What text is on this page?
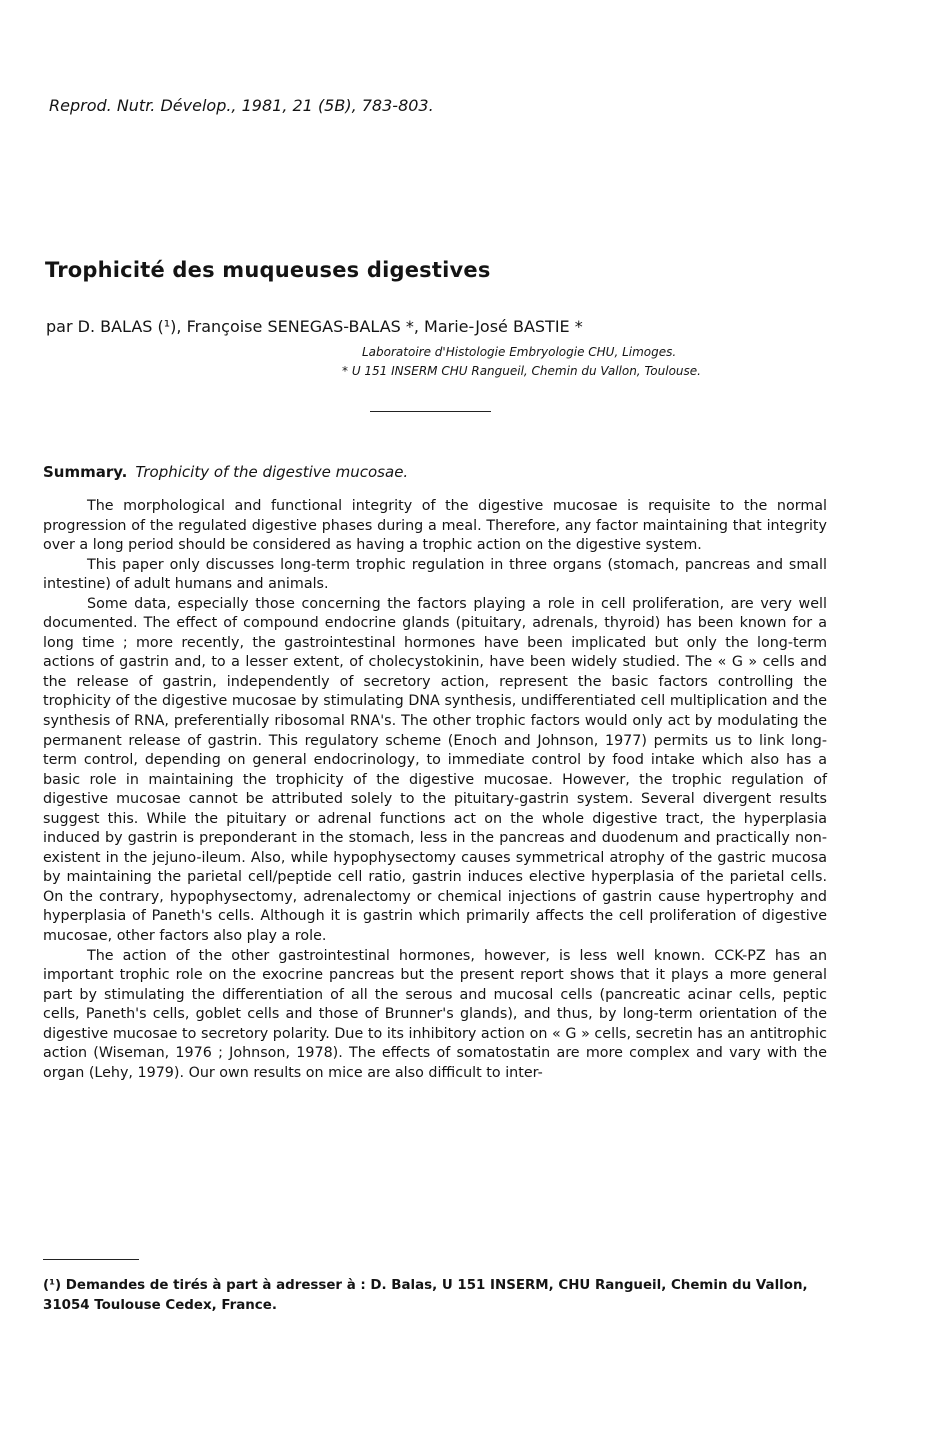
Reprod. Nutr. Dévelop., 1981, 21 (5B), 783-803.
Trophicité des muqueuses digestives
par D. BALAS (¹), Françoise SENEGAS-BALAS *, Marie-José BASTIE *
Laboratoire d'Histologie Embryologie CHU, Limoges.
* U 151 INSERM CHU Rangueil, Chemin du Vallon, Toulouse.
Summary. Trophicity of the digestive mucosae.

The morphological and functional integrity of the digestive mucosae is requisite to the normal progression of the regulated digestive phases during a meal. Therefore, any factor maintaining that integrity over a long period should be considered as having a trophic action on the digestive system.

This paper only discusses long-term trophic regulation in three organs (stomach, pancreas and small intestine) of adult humans and animals.

Some data, especially those concerning the factors playing a role in cell proliferation, are very well documented. The effect of compound endocrine glands (pituitary, adrenals, thyroid) has been known for a long time ; more recently, the gastrointestinal hormones have been implicated but only the long-term actions of gastrin and, to a lesser extent, of cholecystokinin, have been widely studied. The « G » cells and the release of gastrin, independently of secretory action, represent the basic factors controlling the trophicity of the digestive mucosae by stimulating DNA synthesis, undifferentiated cell multiplication and the synthesis of RNA, preferentially ribosomal RNA's. The other trophic factors would only act by modulating the permanent release of gastrin. This regulatory scheme (Enoch and Johnson, 1977) permits us to link long-term control, depending on general endocrinology, to immediate control by food intake which also has a basic role in maintaining the trophicity of the digestive mucosae. However, the trophic regulation of digestive mucosae cannot be attributed solely to the pituitary-gastrin system. Several divergent results suggest this. While the pituitary or adrenal functions act on the whole digestive tract, the hyperplasia induced by gastrin is preponderant in the stomach, less in the pancreas and duodenum and practically non-existent in the jejuno-ileum. Also, while hypophysectomy causes symmetrical atrophy of the gastric mucosa by maintaining the parietal cell/peptide cell ratio, gastrin induces elective hyperplasia of the parietal cells. On the contrary, hypophysectomy, adrenalectomy or chemical injections of gastrin cause hypertrophy and hyperplasia of Paneth's cells. Although it is gastrin which primarily affects the cell proliferation of digestive mucosae, other factors also play a role.

The action of the other gastrointestinal hormones, however, is less well known. CCK-PZ has an important trophic role on the exocrine pancreas but the present report shows that it plays a more general part by stimulating the differentiation of all the serous and mucosal cells (pancreatic acinar cells, peptic cells, Paneth's cells, goblet cells and those of Brunner's glands), and thus, by long-term orientation of the digestive mucosae to secretory polarity. Due to its inhibitory action on « G » cells, secretin has an antitrophic action (Wiseman, 1976 ; Johnson, 1978). The effects of somatostatin are more complex and vary with the organ (Lehy, 1979). Our own results on mice are also difficult to inter-

(¹) Demandes de tirés à part à adresser à : D. Balas, U 151 INSERM, CHU Rangueil, Chemin du Vallon, 31054 Toulouse Cedex, France.
